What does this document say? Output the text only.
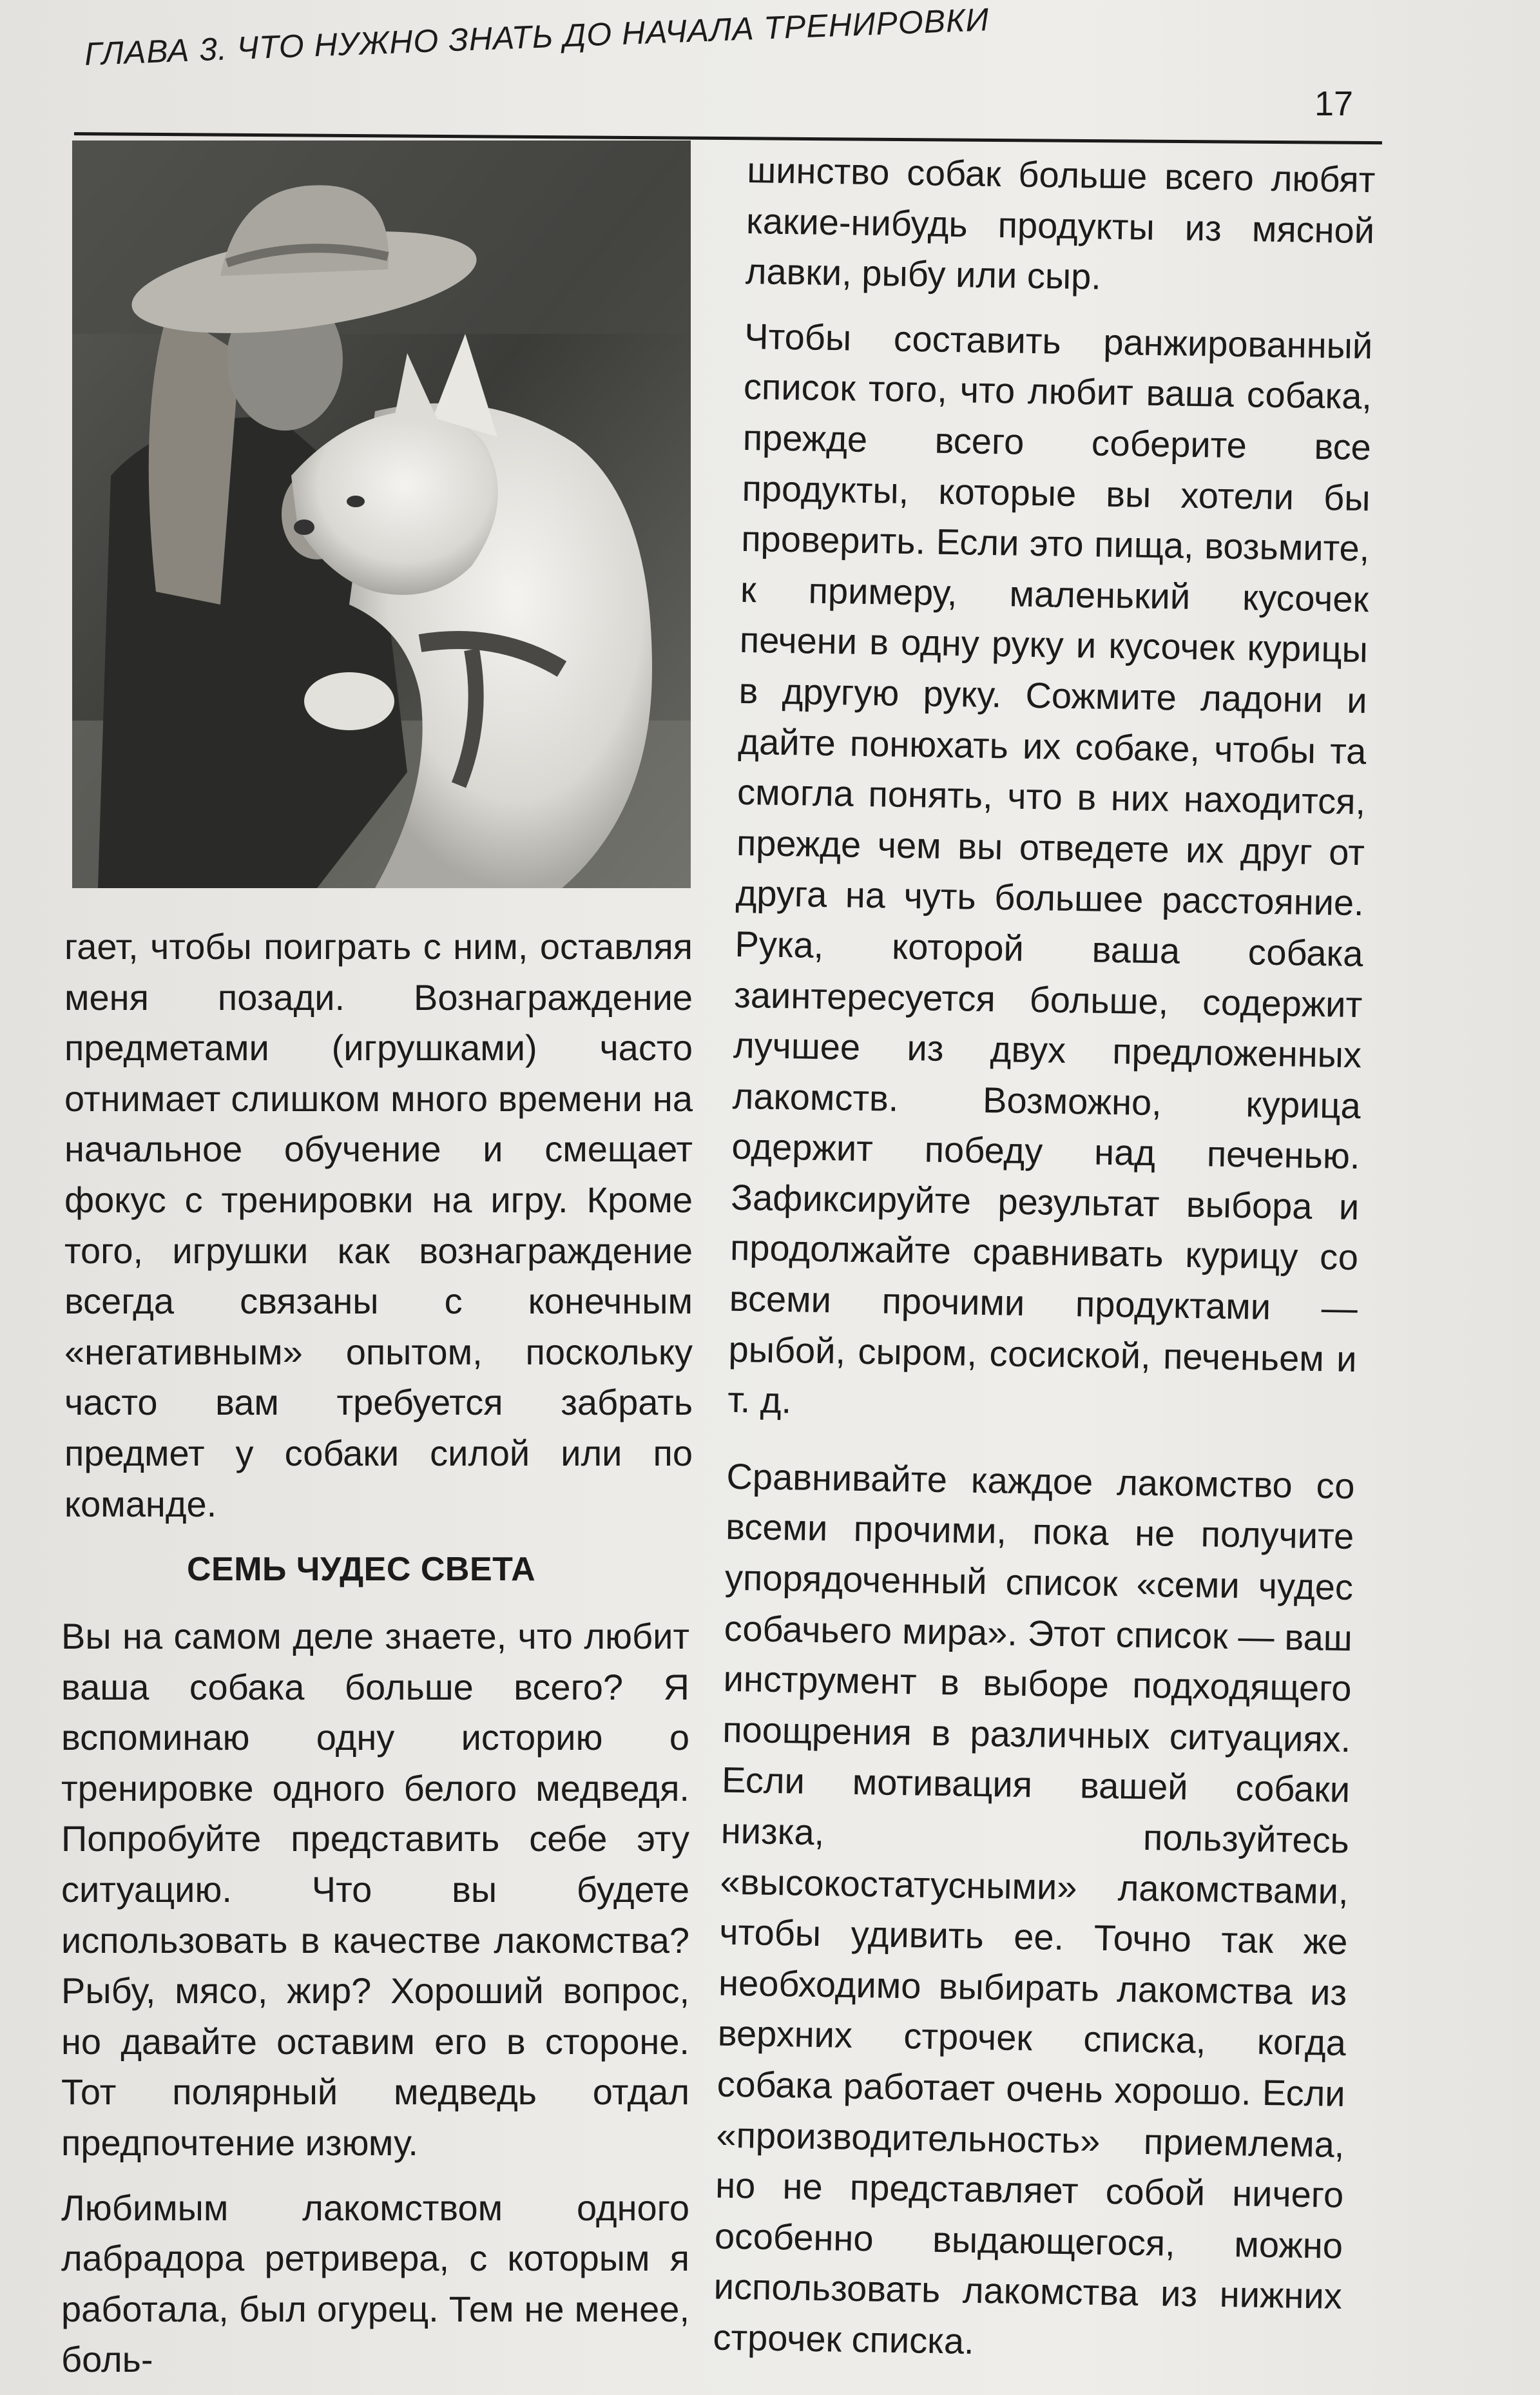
ГЛАВА 3. ЧТО НУЖНО ЗНАТЬ ДО НАЧАЛА ТРЕНИРОВКИ
17

гает, чтобы поиграть с ним, оставляя меня позади. Вознаграждение предметами (игрушками) часто отнимает слишком много времени на начальное обучение и смещает фокус с тренировки на игру. Кроме того, игрушки как вознаграждение всегда связаны с конечным «негативным» опытом, поскольку часто вам требуется забрать предмет у собаки силой или по команде.

СЕМЬ ЧУДЕС СВЕТА

Вы на самом деле знаете, что любит ваша собака больше всего? Я вспоминаю одну историю о тренировке одного белого медведя. Попробуйте представить себе эту ситуацию. Что вы будете использовать в качестве лакомства? Рыбу, мясо, жир? Хороший вопрос, но давайте оставим его в стороне. Тот полярный медведь отдал предпочтение изюму.

Любимым лакомством одного лабрадора ретривера, с которым я работала, был огурец. Тем не менее, боль-

шинство собак больше всего любят какие-нибудь продукты из мясной лавки, рыбу или сыр.

Чтобы составить ранжированный список того, что любит ваша собака, прежде всего соберите все продукты, которые вы хотели бы проверить. Если это пища, возьмите, к примеру, маленький кусочек печени в одну руку и кусочек курицы в другую руку. Сожмите ладони и дайте понюхать их собаке, чтобы та смогла понять, что в них находится, прежде чем вы отведете их друг от друга на чуть большее расстояние. Рука, которой ваша собака заинтересуется больше, содержит лучшее из двух предложенных лакомств. Возможно, курица одержит победу над печенью. Зафиксируйте результат выбора и продолжайте сравнивать курицу со всеми прочими продуктами — рыбой, сыром, сосиской, печеньем и т. д.

Сравнивайте каждое лакомство со всеми прочими, пока не получите упорядоченный список «семи чудес собачьего мира». Этот список — ваш инструмент в выборе подходящего поощрения в различных ситуациях. Если мотивация вашей собаки низка, пользуйтесь «высокостатусными» лакомствами, чтобы удивить ее. Точно так же необходимо выбирать лакомства из верхних строчек списка, когда собака работает очень хорошо. Если «производительность» приемлема, но не представляет собой ничего особенно выдающегося, можно использовать лакомства из нижних строчек списка.
